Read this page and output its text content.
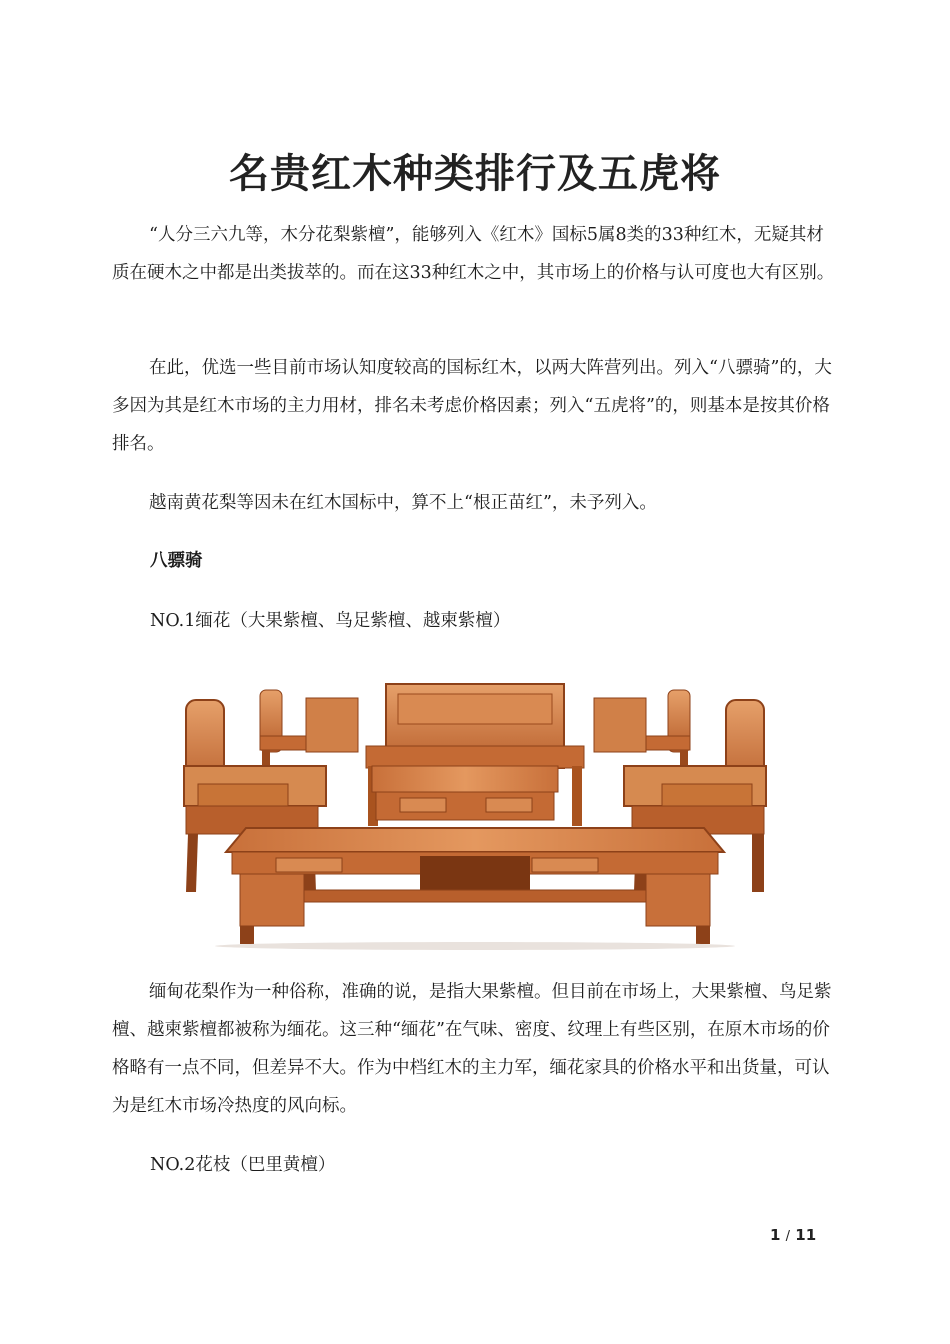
名贵红木种类排行及五虎将

“人分三六九等，木分花梨紫檀”，能够列入《红木》国标5属8类的33种红木，无疑其材质在硬木之中都是出类拔萃的。而在这33种红木之中，其市场上的价格与认可度也大有区别。

在此，优选一些目前市场认知度较高的国标红木，以两大阵营列出。列入“八骠骑”的，大多因为其是红木市场的主力用材，排名未考虑价格因素；列入“五虎将”的，则基本是按其价格排名。

越南黄花梨等因未在红木国标中，算不上“根正苗红”，未予列入。

八骠骑

NO.1缅花（大果紫檀、鸟足紫檀、越柬紫檀）

缅甸花梨作为一种俗称，准确的说，是指大果紫檀。但目前在市场上，大果紫檀、鸟足紫檀、越柬紫檀都被称为缅花。这三种“缅花”在气味、密度、纹理上有些区别，在原木市场的价格略有一点不同，但差异不大。作为中档红木的主力军，缅花家具的价格水平和出货量，可认为是红木市场冷热度的风向标。

NO.2花枝（巴里黄檀）

1 / 11
